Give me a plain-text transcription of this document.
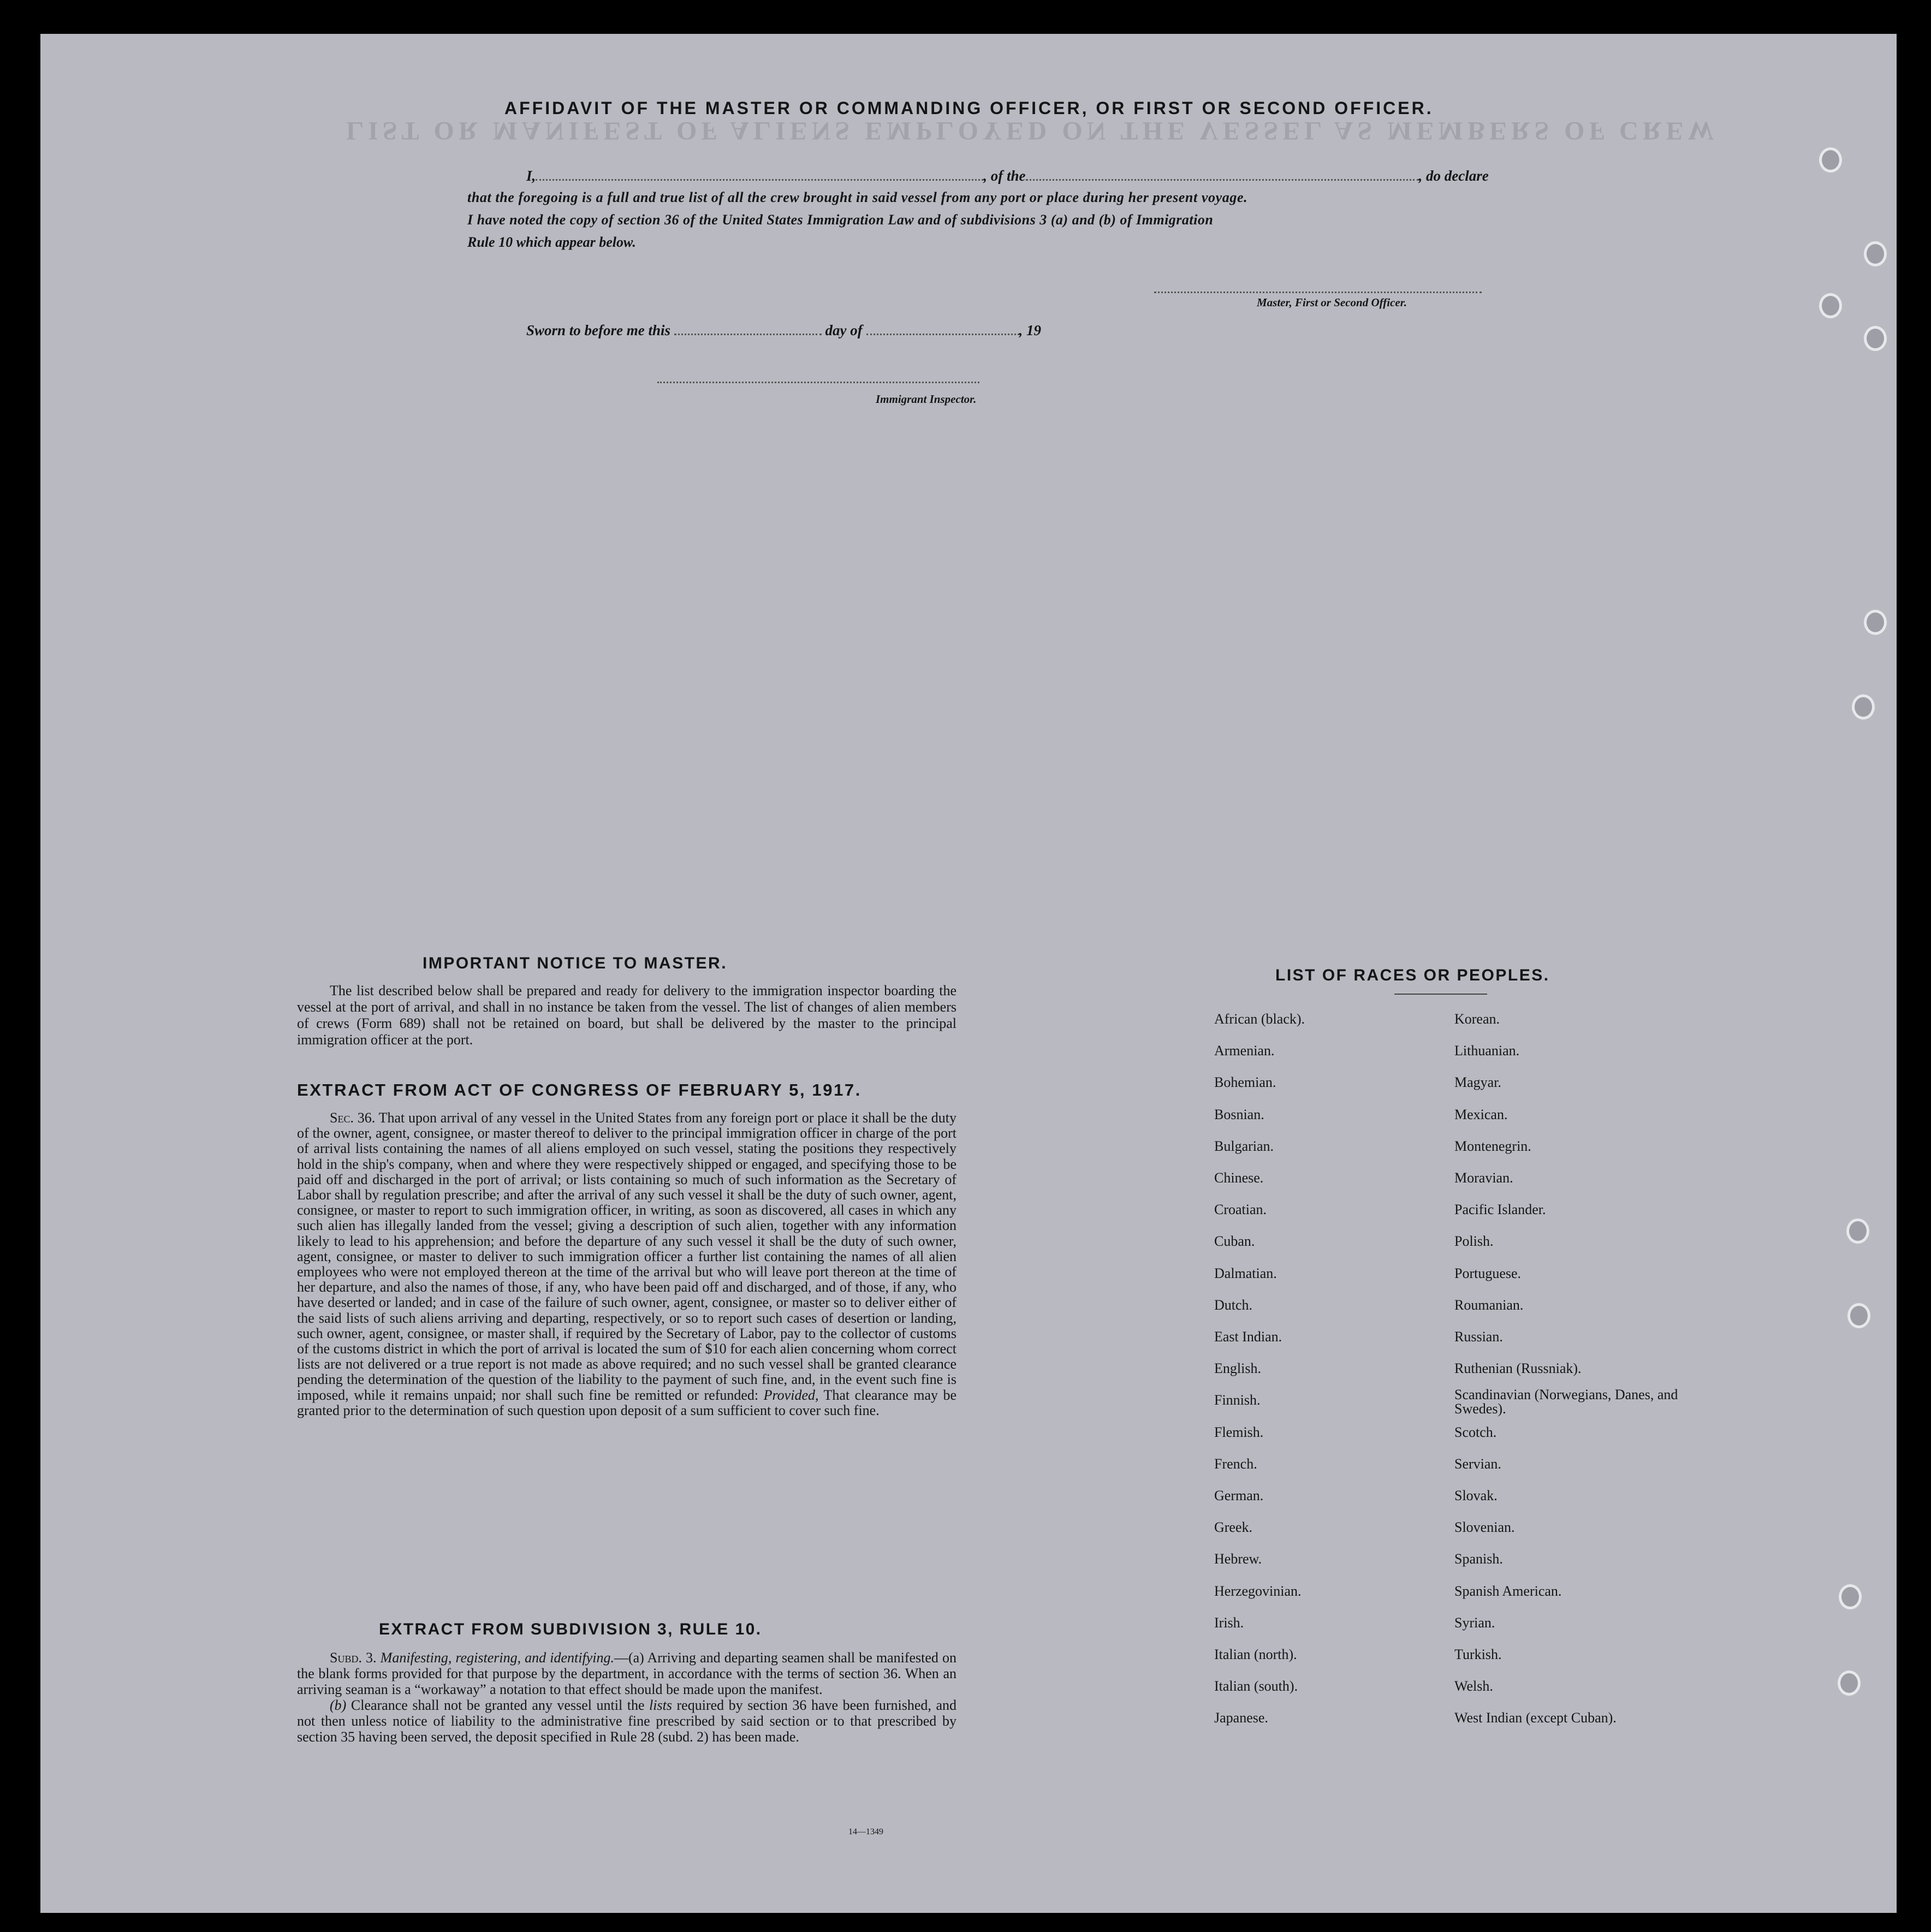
LIST OR MANIFEST OF ALIENS EMPLOYED ON THE VESSEL AS MEMBERS OF CREW
AFFIDAVIT OF THE MASTER OR COMMANDING OFFICER, OR FIRST OR SECOND OFFICER.
I,	, of the	, do declare
that the foregoing is a full and true list of all the crew brought in said vessel from any port or place during her present voyage.
I have noted the copy of section 36 of the United States Immigration Law and of subdivisions 3 (a) and (b) of Immigration
Rule 10 which appear below.
Master, First or Second Officer.
Sworn to before me this	day of	, 19
Immigrant Inspector.
IMPORTANT NOTICE TO MASTER.

The list described below shall be prepared and ready for delivery to the immigration inspector boarding the vessel at the port of arrival, and shall in no instance be taken from the vessel. The list of changes of alien members of crews (Form 689) shall not be retained on board, but shall be delivered by the master to the principal immigration officer at the port.

EXTRACT FROM ACT OF CONGRESS OF FEBRUARY 5, 1917.

Sec. 36. That upon arrival of any vessel in the United States from any foreign port or place it shall be the duty of the owner, agent, consignee, or master thereof to deliver to the principal immigration officer in charge of the port of arrival lists containing the names of all aliens employed on such vessel, stating the positions they respectively hold in the ship's company, when and where they were respectively shipped or engaged, and specifying those to be paid off and discharged in the port of arrival; or lists containing so much of such information as the Secretary of Labor shall by regulation prescribe; and after the arrival of any such vessel it shall be the duty of such owner, agent, consignee, or master to report to such immigration officer, in writing, as soon as discovered, all cases in which any such alien has illegally landed from the vessel; giving a description of such alien, together with any information likely to lead to his apprehension; and before the departure of any such vessel it shall be the duty of such owner, agent, consignee, or master to deliver to such immigration officer a further list containing the names of all alien employees who were not employed thereon at the time of the arrival but who will leave port thereon at the time of her departure, and also the names of those, if any, who have been paid off and discharged, and of those, if any, who have deserted or landed; and in case of the failure of such owner, agent, consignee, or master so to deliver either of the said lists of such aliens arriving and departing, respectively, or so to report such cases of desertion or landing, such owner, agent, consignee, or master shall, if required by the Secretary of Labor, pay to the collector of customs of the customs district in which the port of arrival is located the sum of $10 for each alien concerning whom correct lists are not delivered or a true report is not made as above required; and no such vessel shall be granted clearance pending the determination of the question of the liability to the payment of such fine, and, in the event such fine is imposed, while it remains unpaid; nor shall such fine be remitted or refunded: Provided, That clearance may be granted prior to the determination of such question upon deposit of a sum sufficient to cover such fine.

EXTRACT FROM SUBDIVISION 3, RULE 10.

Subd. 3. Manifesting, registering, and identifying.—(a) Arriving and departing seamen shall be manifested on the blank forms provided for that purpose by the department, in accordance with the terms of section 36. When an arriving seaman is a “workaway” a notation to that effect should be made upon the manifest.

(b) Clearance shall not be granted any vessel until the lists required by section 36 have been furnished, and not then unless notice of liability to the administrative fine prescribed by said section or to that prescribed by section 35 having been served, the deposit specified in Rule 28 (subd. 2) has been made.

14—1349
LIST OF RACES OR PEOPLES.
African (black).
Armenian.
Bohemian.
Bosnian.
Bulgarian.
Chinese.
Croatian.
Cuban.
Dalmatian.
Dutch.
East Indian.
English.
Finnish.
Flemish.
French.
German.
Greek.
Hebrew.
Herzegovinian.
Irish.
Italian (north).
Italian (south).
Japanese.
Korean.
Lithuanian.
Magyar.
Mexican.
Montenegrin.
Moravian.
Pacific Islander.
Polish.
Portuguese.
Roumanian.
Russian.
Ruthenian (Russniak).
Scandinavian (Norwegians, Danes, and Swedes).
Scotch.
Servian.
Slovak.
Slovenian.
Spanish.
Spanish American.
Syrian.
Turkish.
Welsh.
West Indian (except Cuban).
